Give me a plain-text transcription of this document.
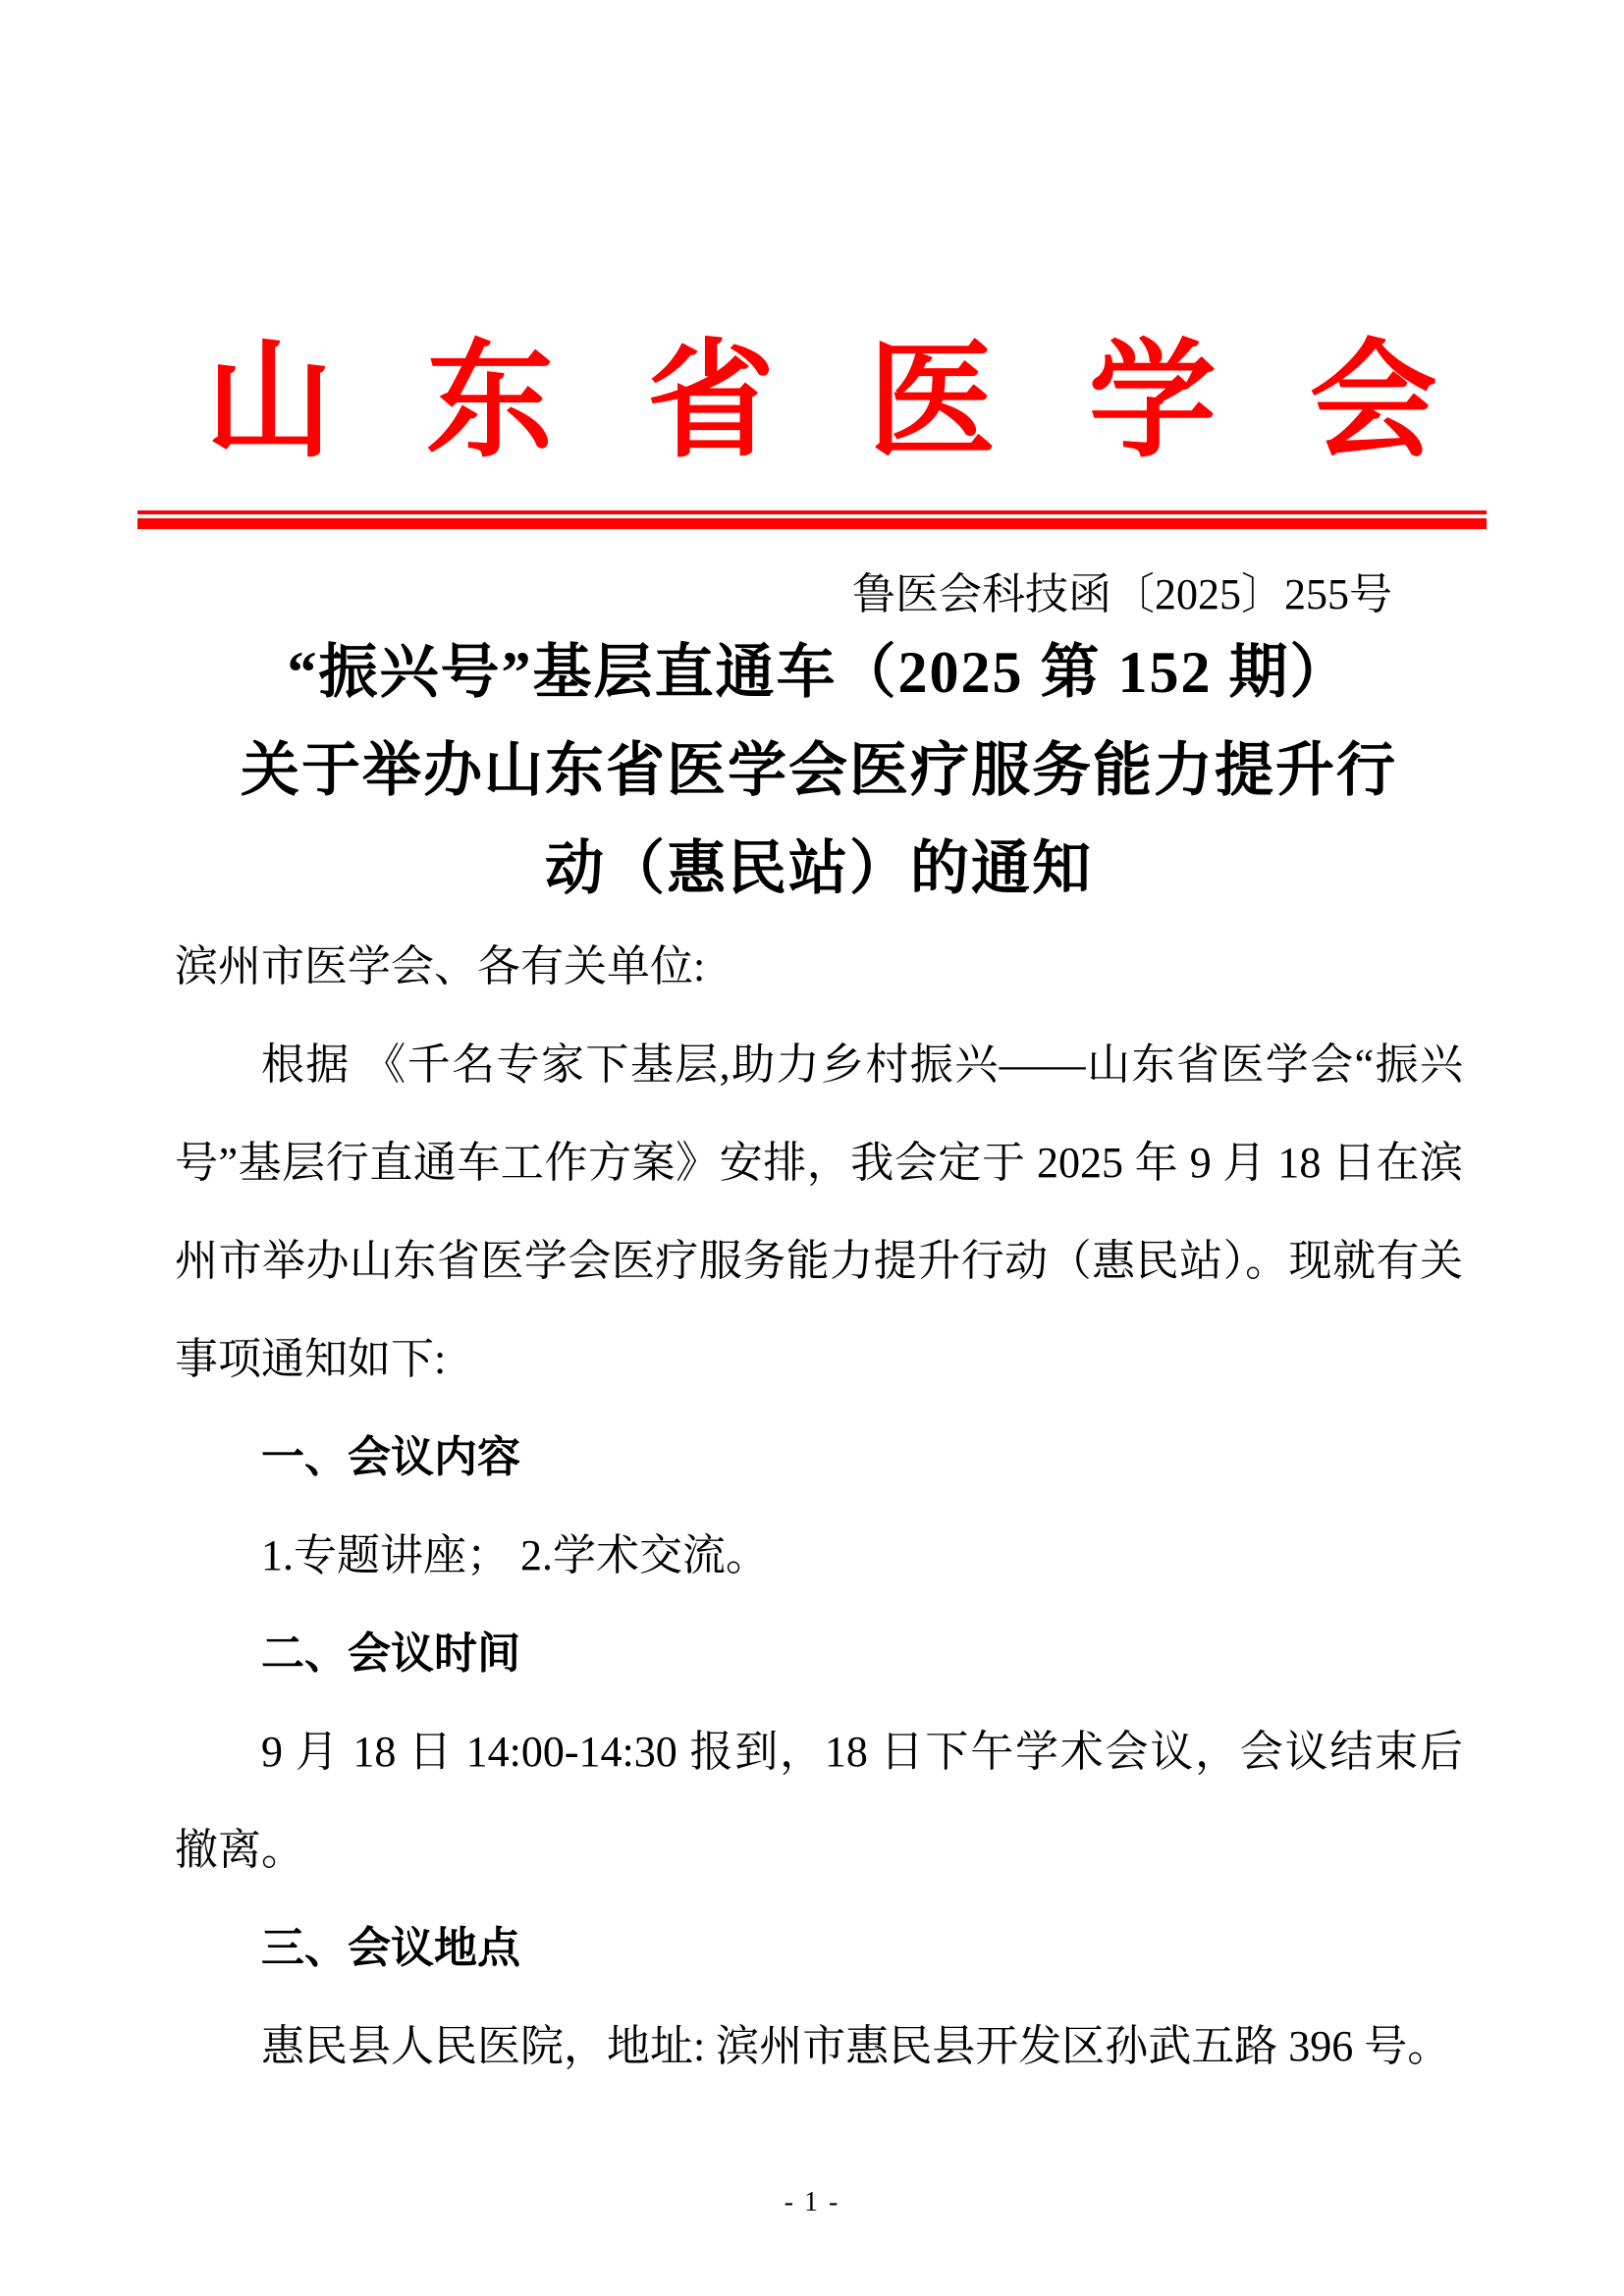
山 东 省 医 学 会
鲁医会科技函〔2025〕255号

“振兴号”基层直通车（2025 第 152 期）

关于举办山东省医学会医疗服务能力提升行

动（惠民站）的通知

滨州市医学会、各有关单位:

根据 《千名专家下基层,助力乡村振兴——山东省医学会“振兴号”基层行直通车工作方案》安排，我会定于 2025 年 9 月 18 日在滨州市举办山东省医学会医疗服务能力提升行动（惠民站）。现就有关事项通知如下:

一、会议内容

1.专题讲座； 2.学术交流。

二、会议时间

9 月 18 日 14:00-14:30 报到，18 日下午学术会议，会议结束后撤离。

三、会议地点

惠民县人民医院，地址: 滨州市惠民县开发区孙武五路 396 号。

- 1 -
